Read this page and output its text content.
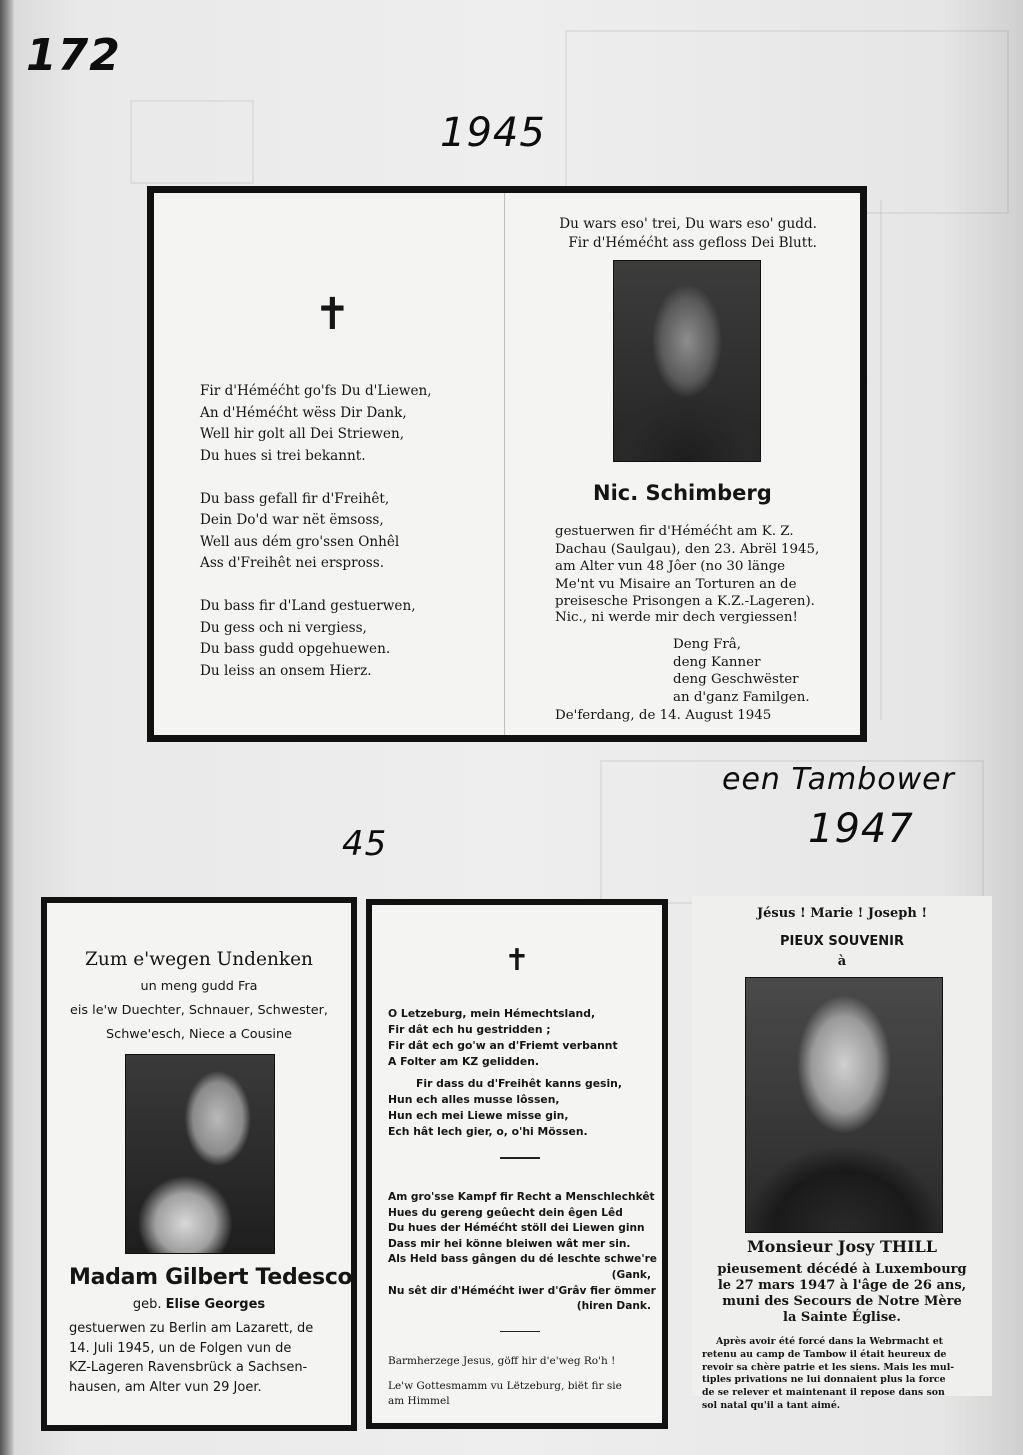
172
1945
45
een Tambower
1947
✝
Fir d'Héméćht go'fs Du d'Liewen,
An d'Héméćht wëss Dir Dank,
Well hir golt all Dei Striewen,
Du hues si trei bekannt.

Du bass gefall fir d'Freihêt,
Dein Do'd war nët ëmsoss,
Well aus dém gro'ssen Onhêl
Ass d'Freihêt nei erspross.

Du bass fir d'Land gestuerwen,
Du gess och ni vergiess,
Du bass gudd opgehuewen.
Du leiss an onsem Hierz.
Du wars eso' trei, Du wars eso' gudd.
Fir d'Héméćht ass gefloss Dei Blutt.
Nic. Schimberg
gestuerwen fir d'Héméćht am K. Z.
Dachau (Saulgau), den 23. Abrël 1945,
am Alter vun 48 Jôer (no 30 länge
Me'nt vu Misaire an Torturen an de
preisesche Prisongen a K.Z.-Lageren).
Nic., ni werde mir dech vergiessen!
Deng Frâ,
deng Kanner
deng Geschwëster
an d'ganz Familgen.
De'ferdang, de 14. August 1945
Zum e'wegen Undenken
un meng gudd Fra
eis le'w Duechter, Schnauer, Schwester,
Schwe'esch, Niece a Cousine
Madam Gilbert Tedesco
geb. Elise Georges
gestuerwen zu Berlin am Lazarett, de
14. Juli 1945, un de Folgen vun de
KZ-Lageren Ravensbrück a Sachsen-
hausen, am Alter vun 29 Joer.
✝
O Letzeburg, mein Hémechtsland,
Fir dât ech hu gestridden ;
Fir dât ech go'w an d'Friemt verbannt
A Folter am KZ gelidden.
Fir dass du d'Freihêt kanns gesin,
Hun ech alles musse lôssen,
Hun ech mei Liewe misse gin,
Ech hât lech gier, o, o'hi Mössen.
Am gro'sse Kampf fir Recht a Menschlechkêt
Hues du gereng geûecht dein êgen Lêd
Du hues der Héméćht stöll dei Liewen ginn
Dass mir hei könne bleiwen wât mer sin.
Als Held bass gângen du dé leschte schwe're
(Gank,
Nu sêt dir d'Héméćht iwer d'Grâv fier ömmer
(hiren Dank.
Barmherzege Jesus, göff hir d'e'weg Ro'h !
Le'w Gottesmamm vu Lëtzeburg, biët fir sie
am Himmel
Jésus ! Marie ! Joseph !
PIEUX SOUVENIR
à
Monsieur Josy THILL
pieusement décédé à Luxembourg
le 27 mars 1947 à l'âge de 26 ans,
muni des Secours de Notre Mère
la Sainte Église.
Après avoir été forcé dans la Webrmacht et
retenu au camp de Tambow il était heureux de
revoir sa chère patrie et les siens. Mais les mul-
tiples privations ne lui donnaient plus la force
de se relever et maintenant il repose dans son
sol natal qu'il a tant aimé.
